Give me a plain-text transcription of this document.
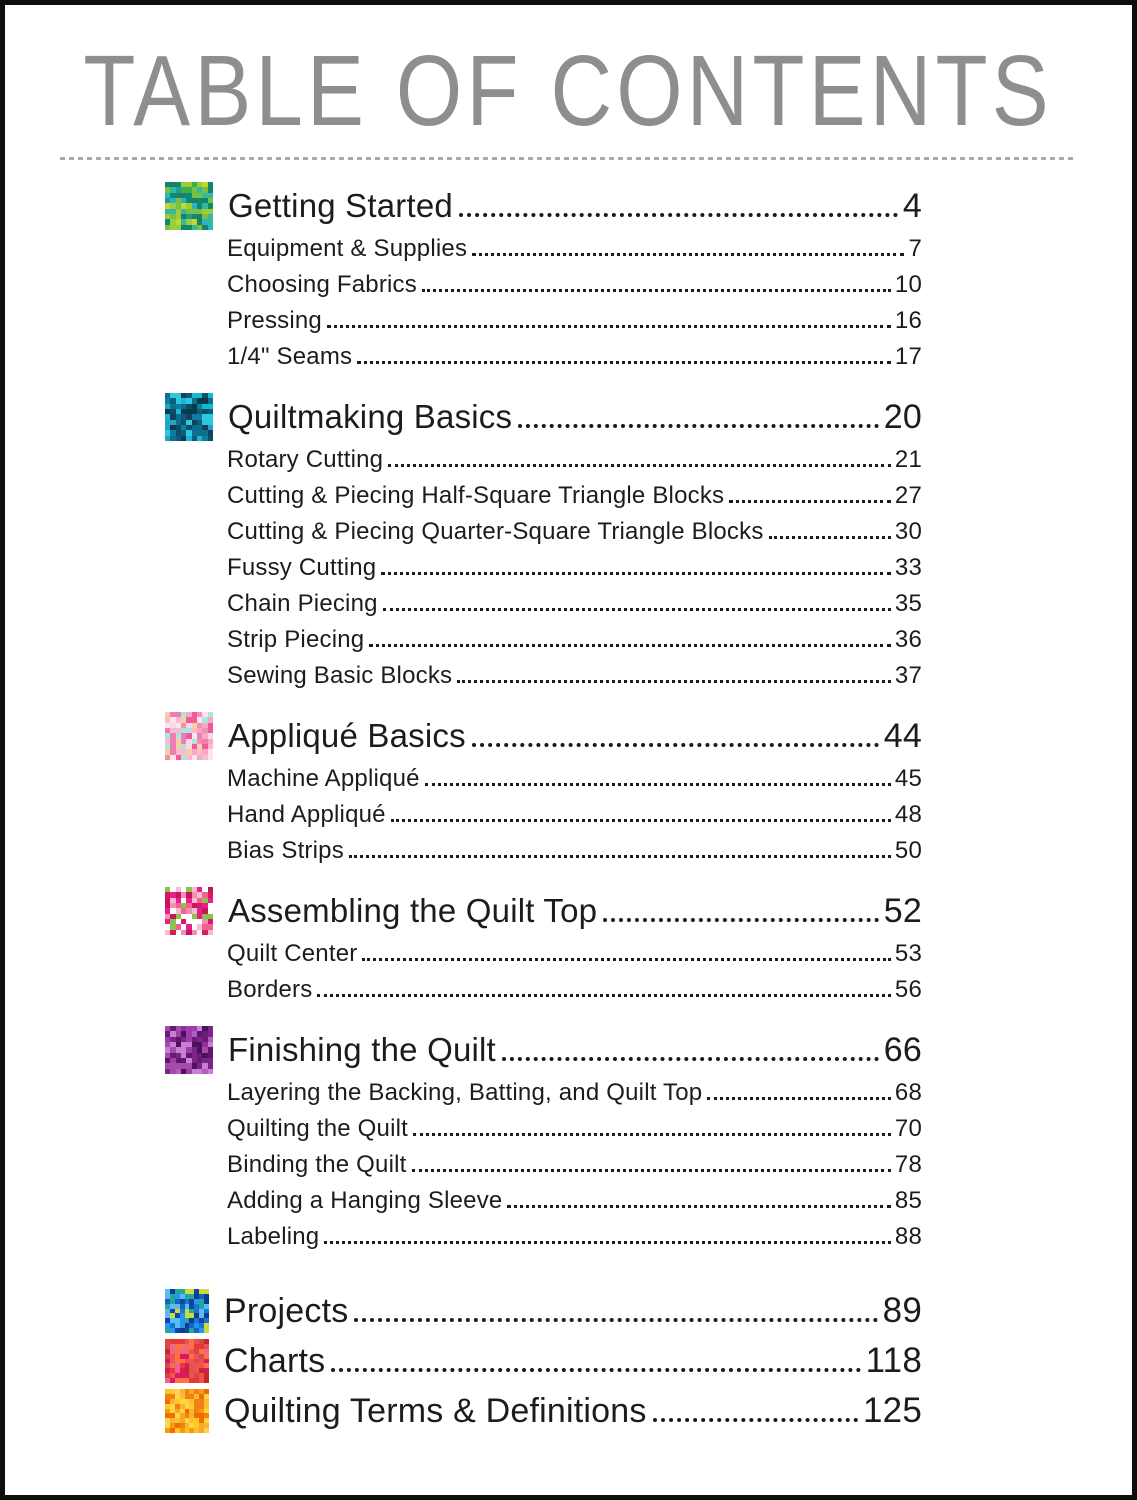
TABLE OF CONTENTS
Getting Started	4
Equipment & Supplies	7
Choosing Fabrics	10
Pressing	16
1/4" Seams	17
Quiltmaking Basics	20
Rotary Cutting	21
Cutting & Piecing Half-Square Triangle Blocks	27
Cutting & Piecing Quarter-Square Triangle Blocks	30
Fussy Cutting	33
Chain Piecing	35
Strip Piecing	36
Sewing Basic Blocks	37
Appliqué Basics	44
Machine Appliqué	45
Hand Appliqué	48
Bias Strips	50
Assembling the Quilt Top	52
Quilt Center	53
Borders	56
Finishing the Quilt	66
Layering the Backing, Batting, and Quilt Top	68
Quilting the Quilt	70
Binding the Quilt	78
Adding a Hanging Sleeve	85
Labeling	88
Projects	89
Charts	118
Quilting Terms & Definitions	125
